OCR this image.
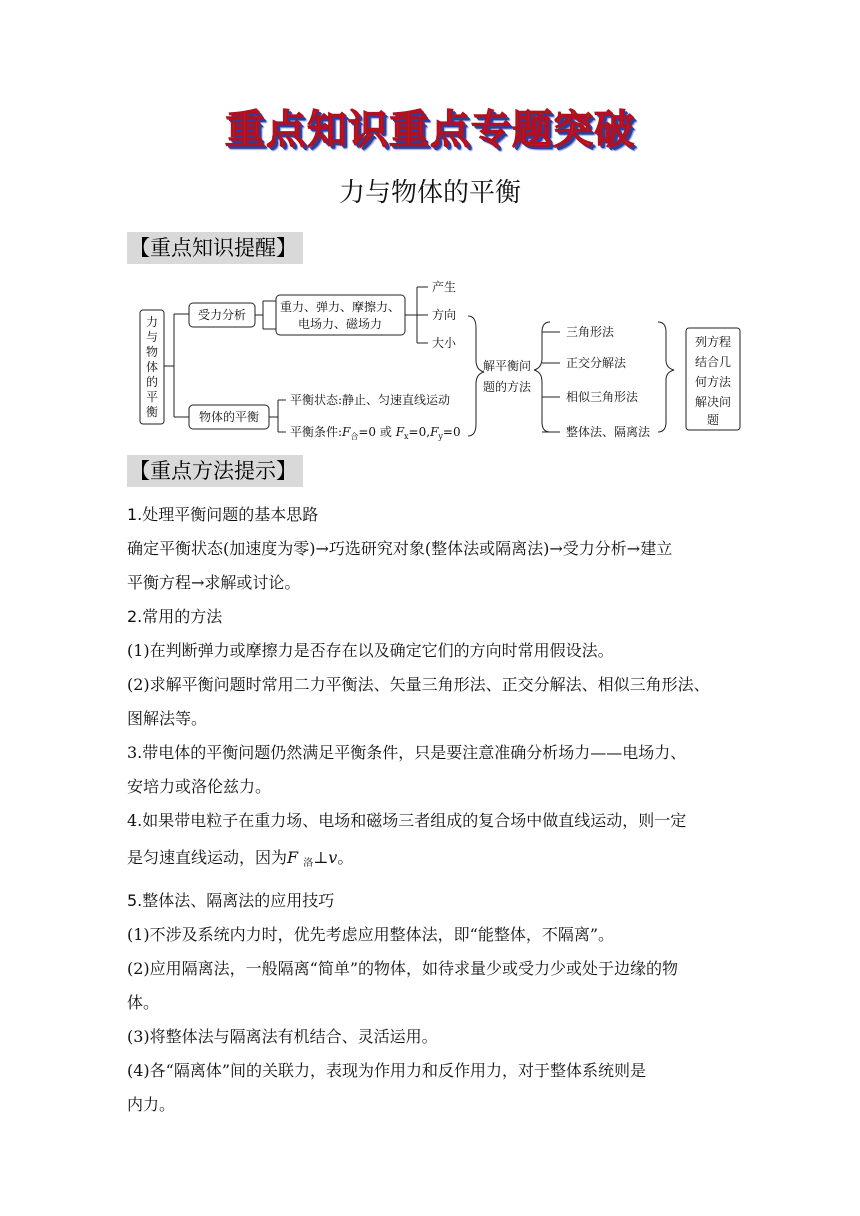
重点知识重点专题突破
力与物体的平衡
【重点知识提醒】
力
与
物
体
的
平
衡
受力分析
重力、弹力、摩擦力、
电场力、磁场力
产生
方向
大小
物体的平衡
平衡状态:静止、匀速直线运动
平衡条件$:F_合=0$ 或 $F_x=0,F_y=0$
解平衡问
题的方法
三角形法
正交分解法
相似三角形法
整体法、隔离法
列方程
结合几
何方法
解决问
题
【重点方法提示】
1.处理平衡问题的基本思路
确定平衡状态(加速度为零)→巧选研究对象(整体法或隔离法)→受力分析→建立
平衡方程→求解或讨论。
2.常用的方法
(1)在判断弹力或摩擦力是否存在以及确定它们的方向时常用假设法。
(2)求解平衡问题时常用二力平衡法、矢量三角形法、正交分解法、相似三角形法、
图解法等。
3.带电体的平衡问题仍然满足平衡条件，只是要注意准确分析场力——电场力、
安培力或洛伦兹力。
4.如果带电粒子在重力场、电场和磁场三者组成的复合场中做直线运动，则一定
是匀速直线运动，因为F $_洛$⊥v。
5.整体法、隔离法的应用技巧
(1)不涉及系统内力时，优先考虑应用整体法，即“能整体，不隔离”。
(2)应用隔离法，一般隔离“简单”的物体，如待求量少或受力少或处于边缘的物
体。
(3)将整体法与隔离法有机结合、灵活运用。
(4)各“隔离体”间的关联力，表现为作用力和反作用力，对于整体系统则是
内力。
